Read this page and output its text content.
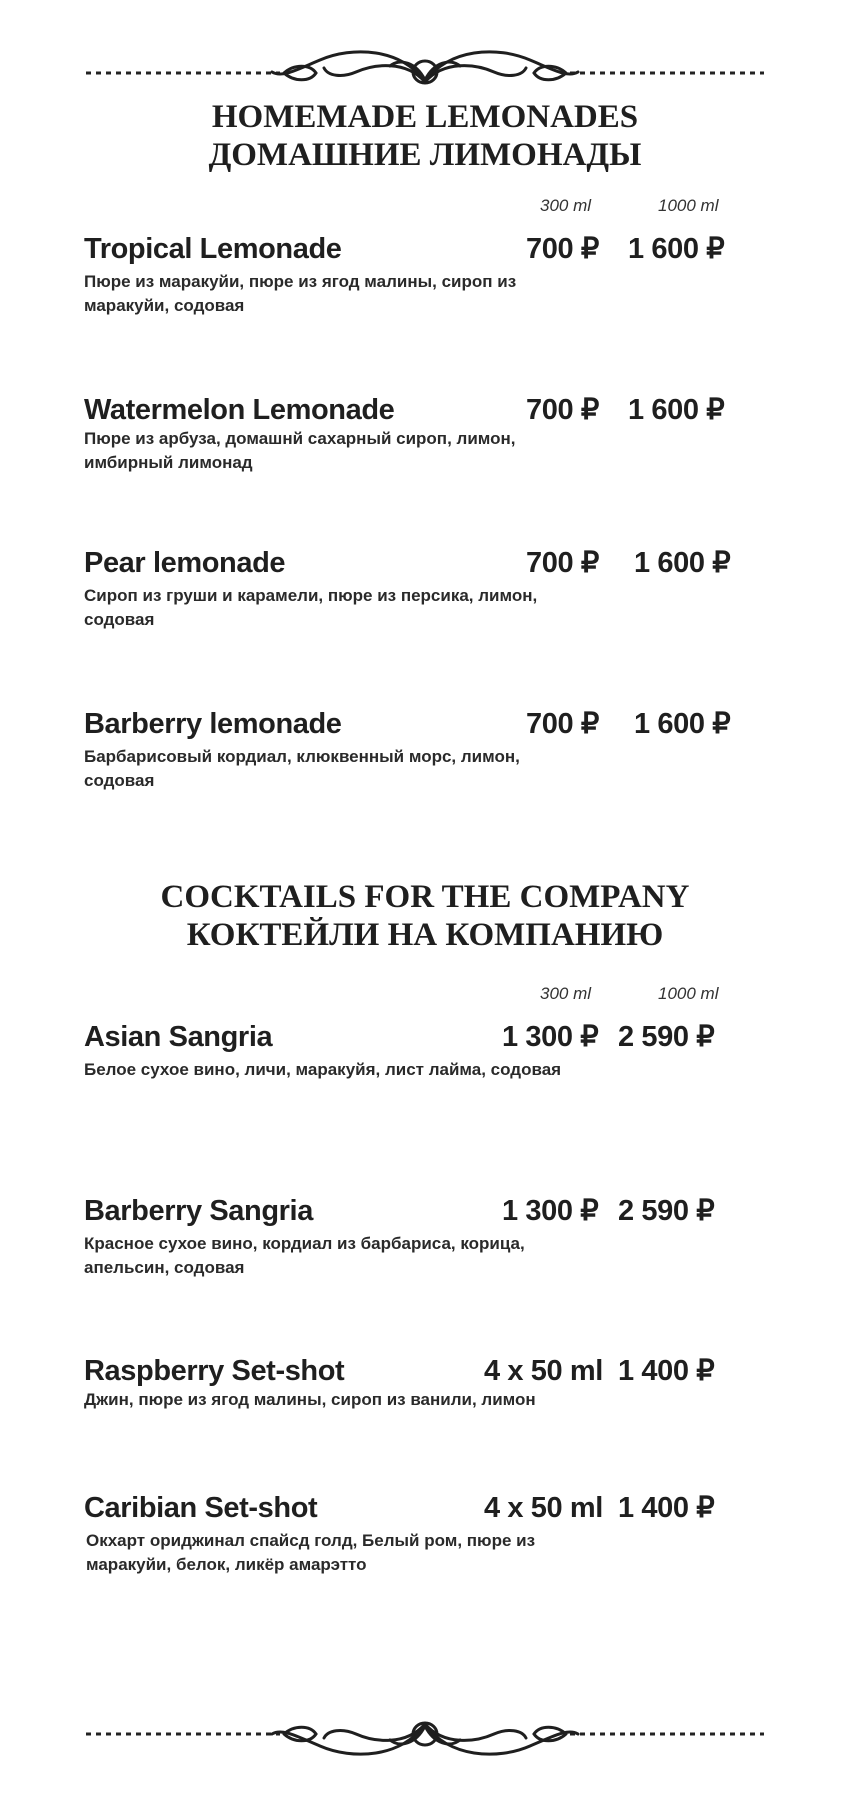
HOMEMADE LEMONADES
ДОМАШНИЕ ЛИМОНАДЫ
300 ml	1000 ml
Tropical Lemonade	700 ₽ 1 600 ₽
Пюре из маракуйи, пюре из ягод малины, сироп из маракуйи, содовая
Watermelon Lemonade	700 ₽ 1 600 ₽
Пюре из арбуза, домашнй сахарный сироп, лимон, имбирный лимонад
Pear lemonade	700 ₽ 1 600 ₽
Сироп из груши и карамели, пюре из персика, лимон, содовая
Barberry lemonade	700 ₽ 1 600 ₽
Барбарисовый кордиал, клюквенный морс, лимон, содовая
COCKTAILS FOR THE COMPANY
КОКТЕЙЛИ НА КОМПАНИЮ
300 ml	1000 ml
Asian Sangria	1 300 ₽ 2 590 ₽
Белое сухое вино, личи, маракуйя, лист лайма, содовая
Barberry Sangria	1 300 ₽ 2 590 ₽
Красное сухое вино, кордиал из барбариса, корица, апельсин, содовая
Raspberry Set-shot	4 x 50 ml 1 400 ₽
Джин, пюре из ягод малины, сироп из ванили, лимон
Caribian Set-shot	4 x 50 ml 1 400 ₽
Окхарт ориджинал спайсд голд, Белый ром, пюре из маракуйи, белок, ликёр амарэтто
